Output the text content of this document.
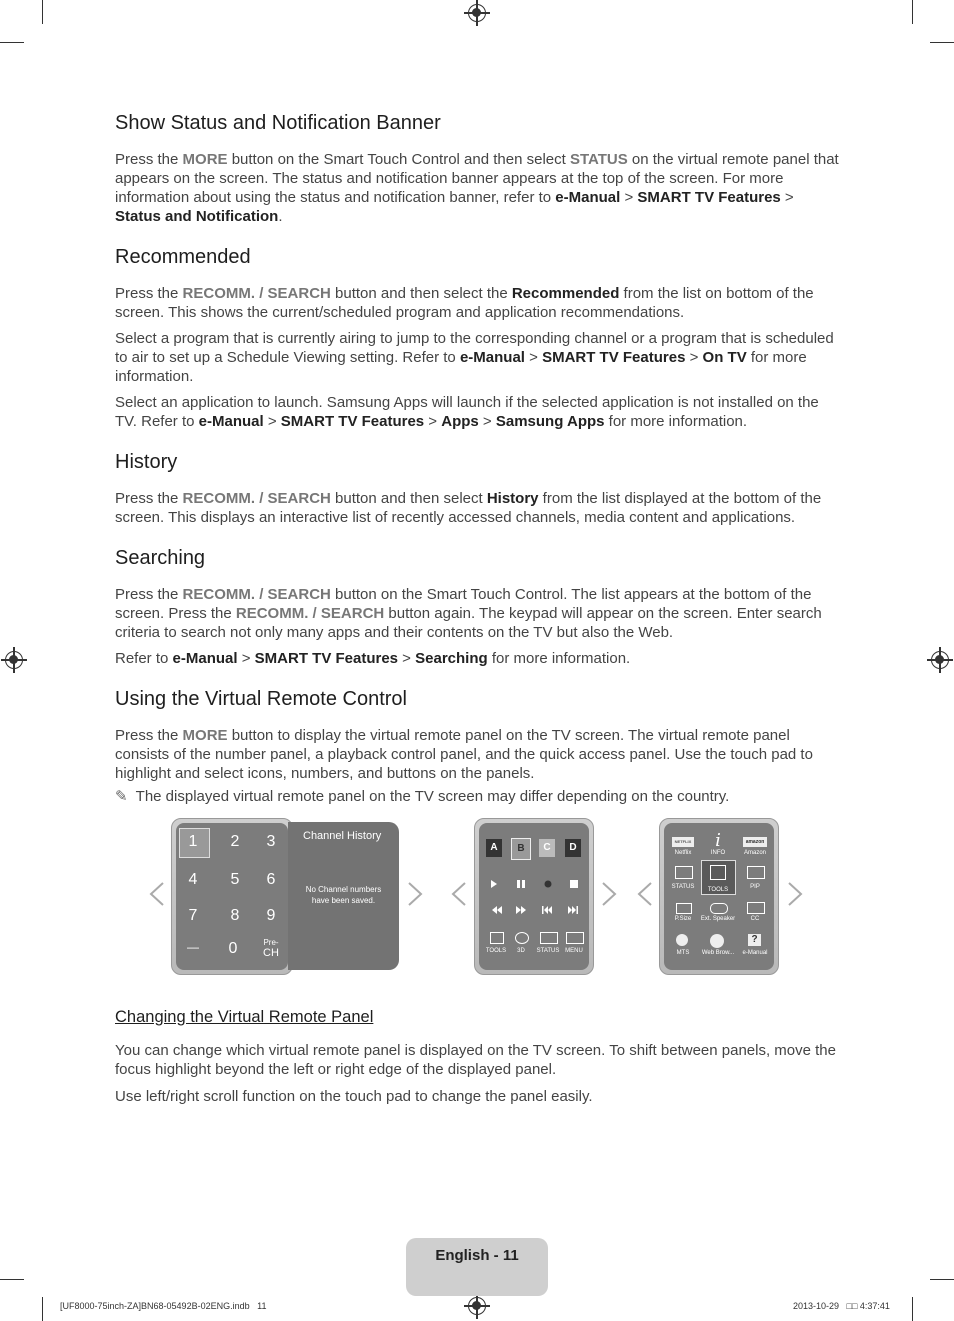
Show Status and Notification Banner

Press the MORE button on the Smart Touch Control and then select STATUS on the virtual remote panel that appears on the screen. The status and notification banner appears at the top of the screen. For more information about using the status and notification banner, refer to e-Manual > SMART TV Features > Status and Notification.

Recommended

Press the RECOMM. / SEARCH button and then select the Recommended from the list on bottom of the screen. This shows the current/scheduled program and application recommendations.

Select a program that is currently airing to jump to the corresponding channel or a program that is scheduled to air to set up a Schedule Viewing setting. Refer to e-Manual > SMART TV Features > On TV for more information.

Select an application to launch. Samsung Apps will launch if the selected application is not installed on the TV. Refer to e-Manual > SMART TV Features > Apps > Samsung Apps for more information.

History

Press the RECOMM. / SEARCH button and then select History from the list displayed at the bottom of the screen. This displays an interactive list of recently accessed channels, media content and applications.

Searching

Press the RECOMM. / SEARCH button on the Smart Touch Control. The list appears at the bottom of the screen. Press the RECOMM. / SEARCH button again. The keypad will appear on the screen. Enter search criteria to search not only many apps and their contents on the TV but also the Web.

Refer to e-Manual > SMART TV Features > Searching for more information.

Using the Virtual Remote Control

Press the MORE button to display the virtual remote panel on the TV screen. The virtual remote panel consists of the number panel, a playback control panel, and the quick access panel. Use the touch pad to highlight and select icons, numbers, and buttons on the panels.

✎ The displayed virtual remote panel on the TV screen may differ depending on the country.

Channel History
No Channel numbers
have been saved.
1	2	3
4	5	6
7	8	9
—	0	Pre-
CH
A	B	C	D
TOOLS	3D	STATUS MENU
NETFLIX i	amazon
Netflix	INFO	Amazon
STATUS	TOOLS	PIP
P.Size	Ext. Speaker	CC
?
MTS	Web Brow...	e-Manual
Changing the Virtual Remote Panel

You can change which virtual remote panel is displayed on the TV screen. To shift between panels, move the focus highlight beyond the left or right edge of the displayed panel.

Use left/right scroll function on the touch pad to change the panel easily.

English - 11
[UF8000-75inch-ZA]BN68-05492B-02ENG.indb   11	2013-10-29   □□ 4:37:41
